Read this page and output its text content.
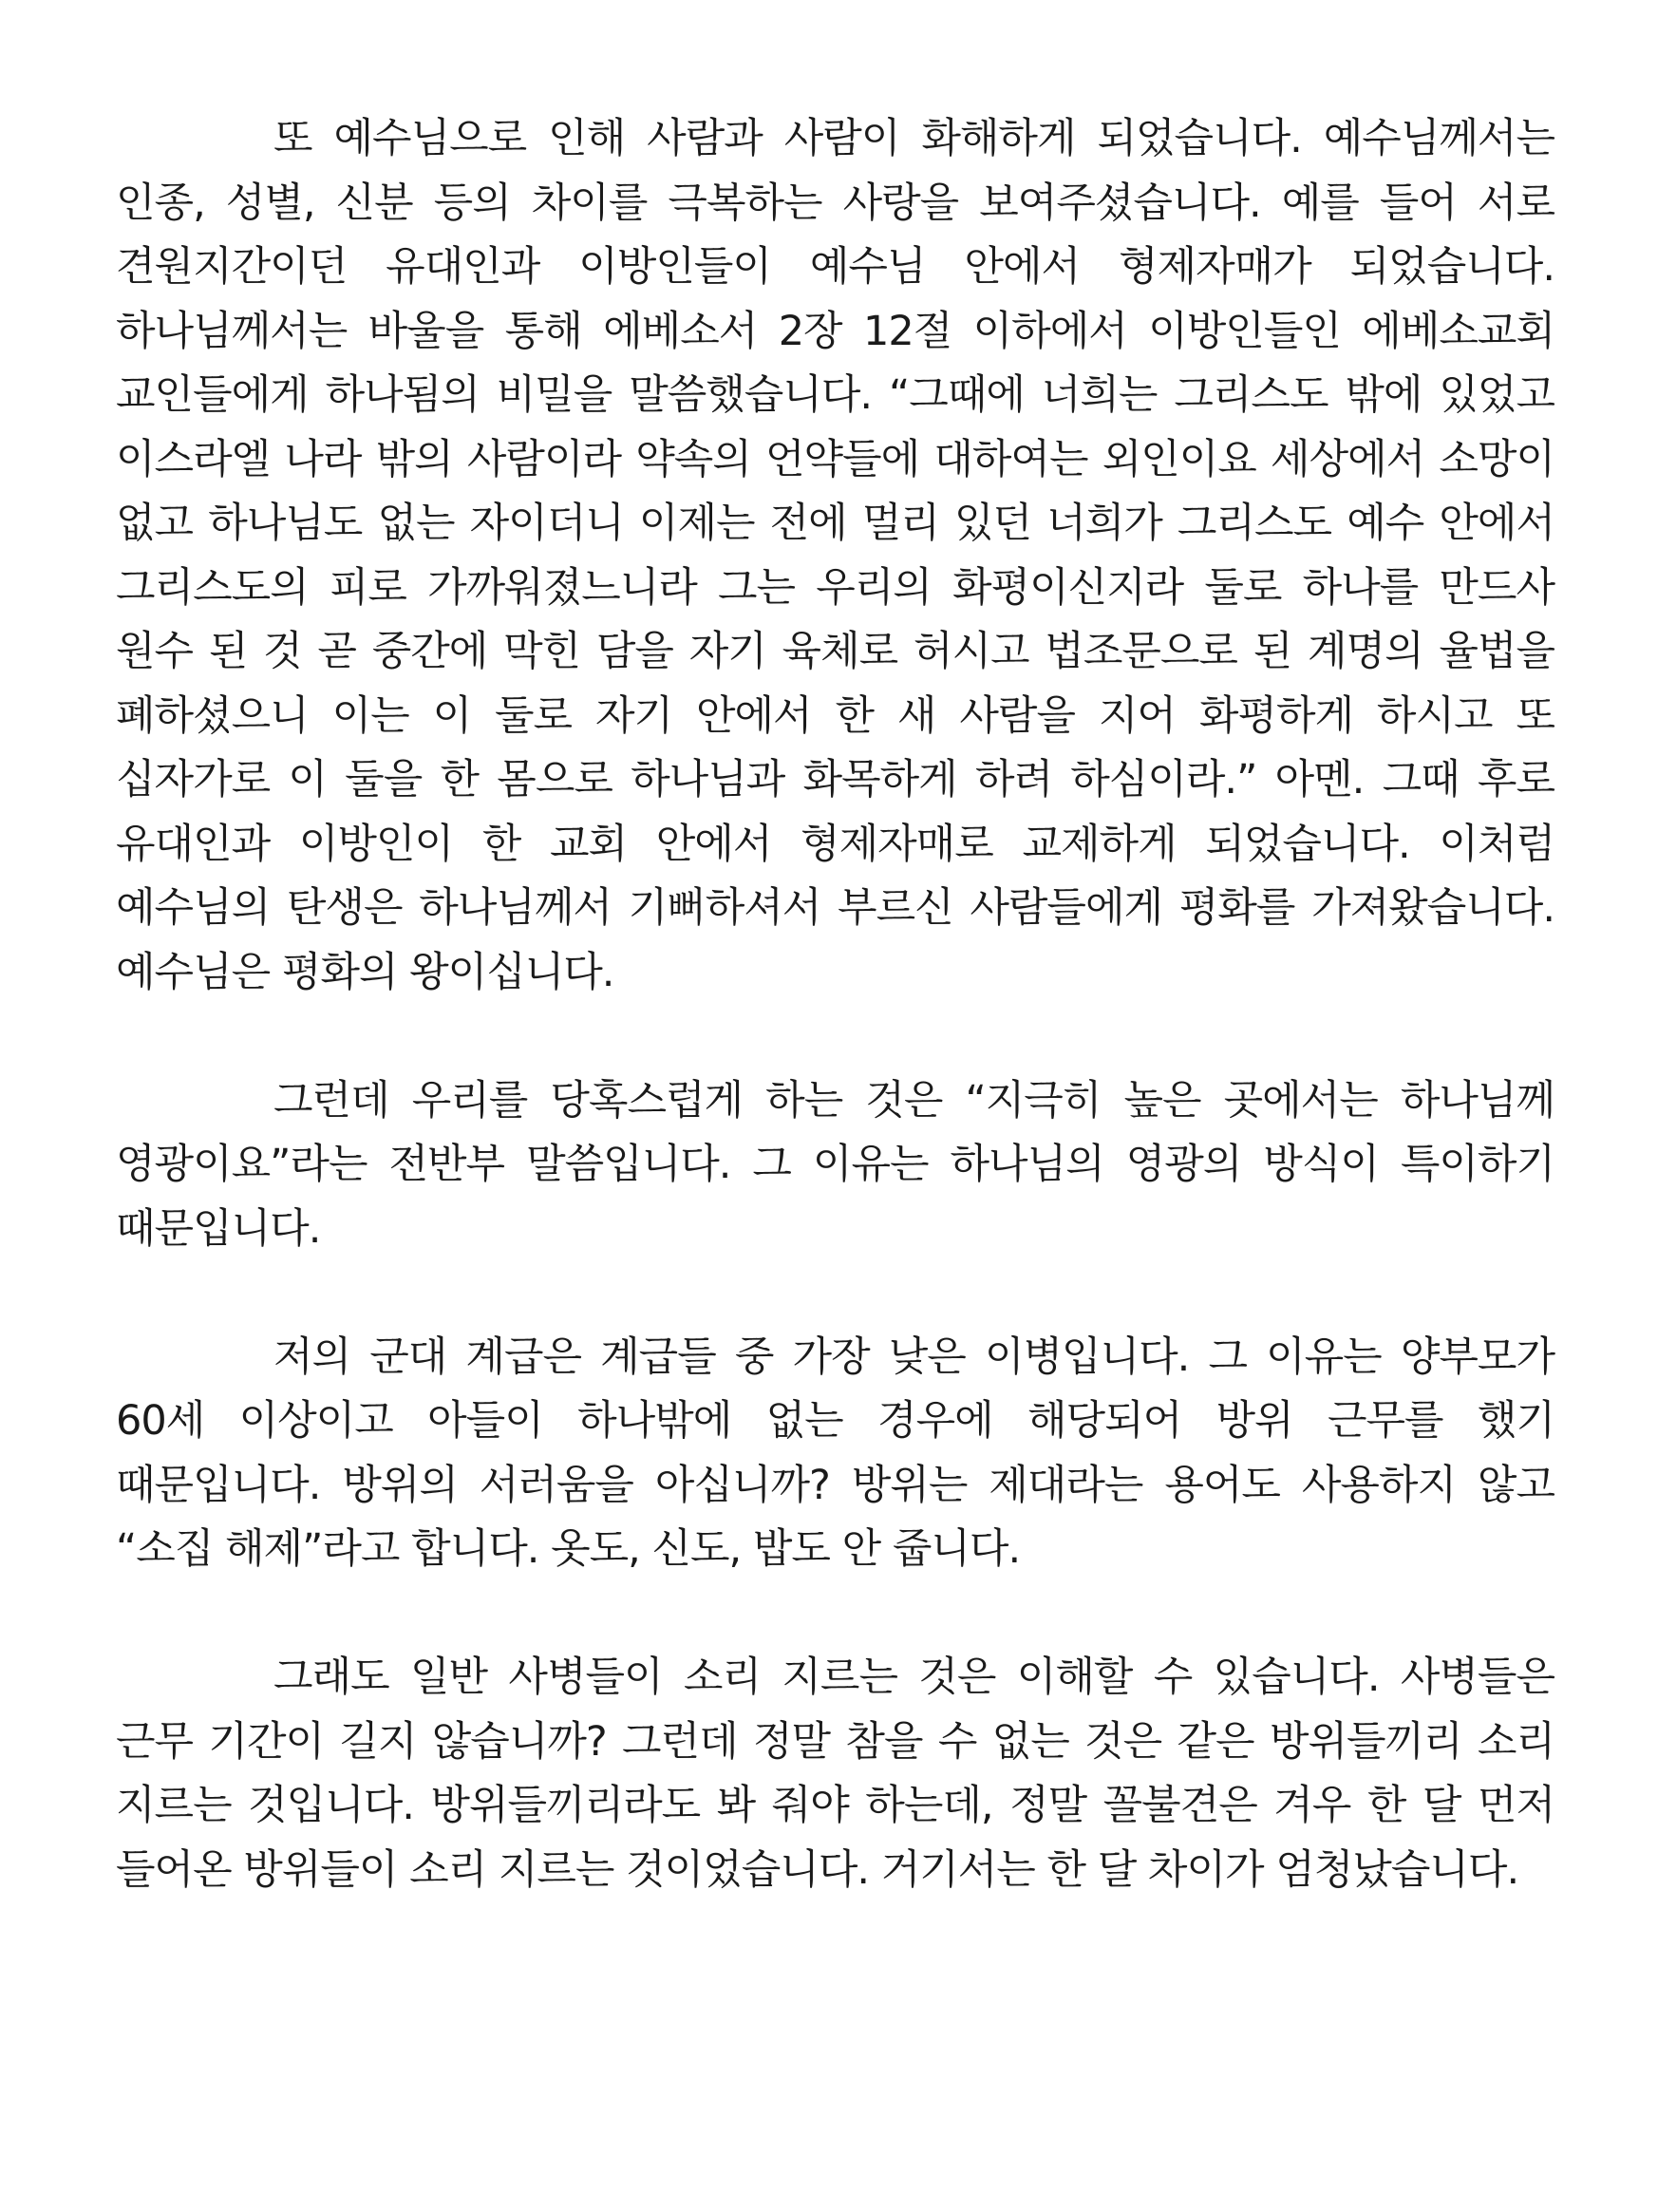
또 예수님으로 인해 사람과 사람이 화해하게 되었습니다. 예수님께서는 인종, 성별, 신분 등의 차이를 극복하는 사랑을 보여주셨습니다. 예를 들어 서로 견원지간이던 유대인과 이방인들이 예수님 안에서 형제자매가 되었습니다. 하나님께서는 바울을 통해 에베소서 2장 12절 이하에서 이방인들인 에베소교회 교인들에게 하나됨의 비밀을 말씀했습니다. “그때에 너희는 그리스도 밖에 있었고 이스라엘 나라 밖의 사람이라 약속의 언약들에 대하여는 외인이요 세상에서 소망이 없고 하나님도 없는 자이더니 이제는 전에 멀리 있던 너희가 그리스도 예수 안에서 그리스도의 피로 가까워졌느니라 그는 우리의 화평이신지라 둘로 하나를 만드사 원수 된 것 곧 중간에 막힌 담을 자기 육체로 허시고 법조문으로 된 계명의 율법을 폐하셨으니 이는 이 둘로 자기 안에서 한 새 사람을 지어 화평하게 하시고 또 십자가로 이 둘을 한 몸으로 하나님과 화목하게 하려 하심이라.” 아멘. 그때 후로 유대인과 이방인이 한 교회 안에서 형제자매로 교제하게 되었습니다. 이처럼 예수님의 탄생은 하나님께서 기뻐하셔서 부르신 사람들에게 평화를 가져왔습니다. 예수님은 평화의 왕이십니다.

그런데 우리를 당혹스럽게 하는 것은 “지극히 높은 곳에서는 하나님께 영광이요”라는 전반부 말씀입니다. 그 이유는 하나님의 영광의 방식이 특이하기 때문입니다.

저의 군대 계급은 계급들 중 가장 낮은 이병입니다. 그 이유는 양부모가 60세 이상이고 아들이 하나밖에 없는 경우에 해당되어 방위 근무를 했기 때문입니다. 방위의 서러움을 아십니까? 방위는 제대라는 용어도 사용하지 않고 “소집 해제”라고 합니다. 옷도, 신도, 밥도 안 줍니다.

그래도 일반 사병들이 소리 지르는 것은 이해할 수 있습니다. 사병들은 근무 기간이 길지 않습니까? 그런데 정말 참을 수 없는 것은 같은 방위들끼리 소리 지르는 것입니다. 방위들끼리라도 봐 줘야 하는데, 정말 꼴불견은 겨우 한 달 먼저 들어온 방위들이 소리 지르는 것이었습니다. 거기서는 한 달 차이가 엄청났습니다.
